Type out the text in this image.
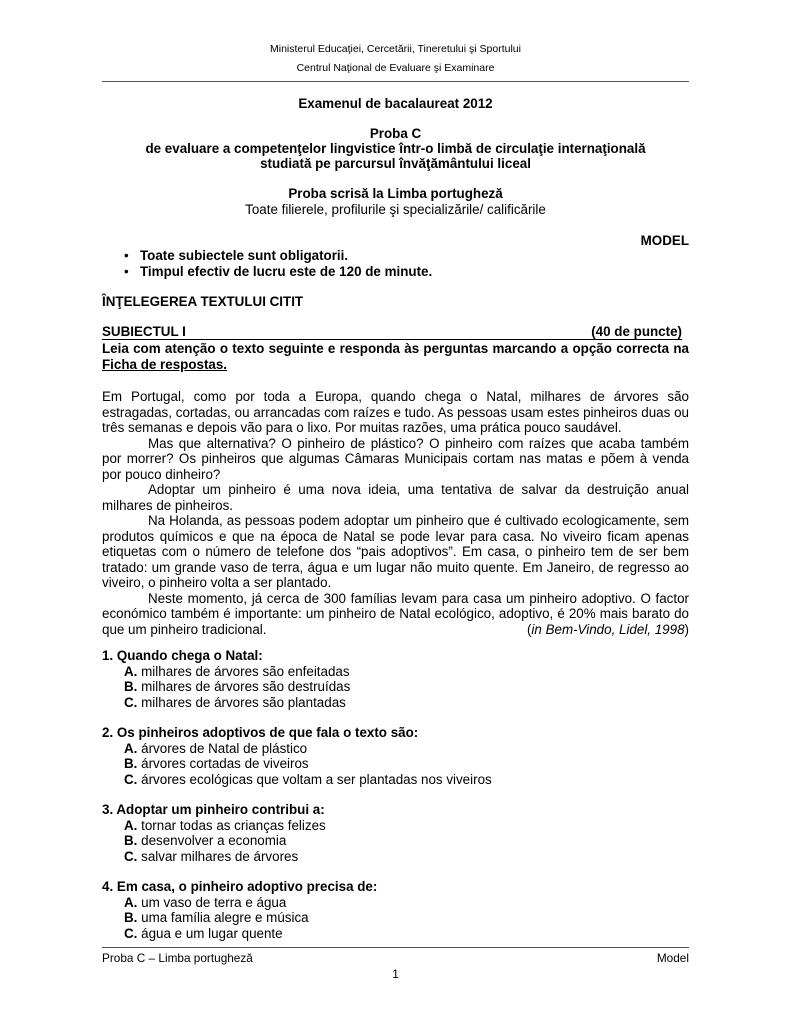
Ministerul Educaţiei, Cercetării, Tineretului şi Sportului
Centrul Naţional de Evaluare şi Examinare
Examenul de bacalaureat 2012
Proba C
de evaluare a competenţelor lingvistice într-o limbă de circulaţie internaţională
studiată pe parcursul învăţământului liceal
Proba scrisă la Limba portugheză
Toate filierele, profilurile şi specializările/ calificările
MODEL
• Toate subiectele sunt obligatorii.
• Timpul efectiv de lucru este de 120 de minute.
ÎNŢELEGEREA TEXTULUI CITIT
SUBIECTUL I	(40 de puncte)
Leia com atenção o texto seguinte e responda às perguntas marcando a opção correcta na Ficha de respostas.

Em Portugal, como por toda a Europa, quando chega o Natal, milhares de árvores são estragadas, cortadas, ou arrancadas com raízes e tudo. As pessoas usam estes pinheiros duas ou três semanas e depois vão para o lixo. Por muitas razões, uma prática pouco saudável.

Mas que alternativa? O pinheiro de plástico? O pinheiro com raízes que acaba também por morrer? Os pinheiros que algumas Câmaras Municipais cortam nas matas e põem à venda por pouco dinheiro?

Adoptar um pinheiro é uma nova ideia, uma tentativa de salvar da destruição anual milhares de pinheiros.

Na Holanda, as pessoas podem adoptar um pinheiro que é cultivado ecologicamente, sem produtos químicos e que na época de Natal se pode levar para casa. No viveiro ficam apenas etiquetas com o número de telefone dos “pais adoptivos”. Em casa, o pinheiro tem de ser bem tratado: um grande vaso de terra, água e um lugar não muito quente. Em Janeiro, de regresso ao viveiro, o pinheiro volta a ser plantado.

Neste momento, já cerca de 300 famílias levam para casa um pinheiro adoptivo. O factor económico também é importante: um pinheiro de Natal ecológico, adoptivo, é 20% mais barato do que um pinheiro tradicional.	(in Bem-Vindo, Lidel, 1998)

1. Quando chega o Natal:
A. milhares de árvores são enfeitadas
B. milhares de árvores são destruídas
C. milhares de árvores são plantadas
2. Os pinheiros adoptivos de que fala o texto são:
A. árvores de Natal de plástico
B. árvores cortadas de viveiros
C. árvores ecológicas que voltam a ser plantadas nos viveiros
3. Adoptar um pinheiro contribui a:
A. tornar todas as crianças felizes
B. desenvolver a economia
C. salvar milhares de árvores
4. Em casa, o pinheiro adoptivo precisa de:
A. um vaso de terra e água
B. uma família alegre e música
C. água e um lugar quente
Proba C – Limba portugheză	Model
1
